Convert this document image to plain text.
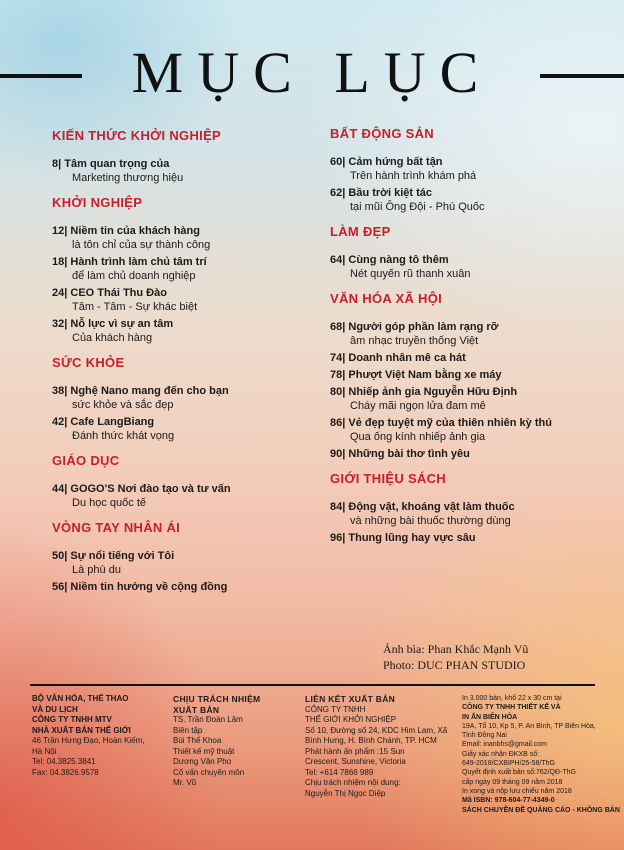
MỤC LỤC
KIẾN THỨC KHỞI NGHIỆP
8| Tâm quan trọng của
Marketing thương hiệu
KHỞI NGHIỆP
12| Niềm tin của khách hàng
là tôn chỉ của sự thành công
18| Hành trình làm chủ tâm trí
để làm chủ doanh nghiệp
24| CEO Thái Thu Đào
Tâm - Tâm - Sự khác biệt
32| Nỗ lực vì sự an tâm
Của khách hàng
SỨC KHỎE
38| Nghệ Nano mang đến cho bạn
sức khỏe và sắc đẹp
42| Cafe LangBiang
Đánh thức khát vọng
GIÁO DỤC
44| GOGO'S Nơi đào tạo và tư vấn
Du học quốc tế
VÒNG TAY NHÂN ÁI
50| Sự nổi tiếng với Tôi
Là phù du
56| Niềm tin hướng về cộng đồng
BẤT ĐỘNG SẢN
60| Cảm hứng bất tận
Trên hành trình khám phá
62| Bầu trời kiệt tác
tại mũi Ông Đội - Phú Quốc
LÀM ĐẸP
64| Cùng nàng tô thêm
Nét quyến rũ thanh xuân
VĂN HÓA XÃ HỘI
68| Người góp phần làm rạng rỡ
âm nhạc truyền thống Việt
74| Doanh nhân mê ca hát
78| Phượt Việt Nam bằng xe máy
80| Nhiếp ảnh gia Nguyễn Hữu Định
Cháy mãi ngọn lửa đam mê
86| Vẻ đẹp tuyệt mỹ của thiên nhiên kỳ thú
Qua ống kính nhiếp ảnh gia
90| Những bài thơ tình yêu
GIỚI THIỆU SÁCH
84| Động vật, khoáng vật làm thuốc
và những bài thuốc thường dùng
96| Thung lũng hay vực sâu
Ảnh bìa: Phan Khắc Mạnh Vũ
Photo: DUC PHAN STUDIO
BỘ VĂN HÓA, THỂ THAO
VÀ DU LỊCH
CÔNG TY TNHH MTV
NHÀ XUẤT BẢN THẾ GIỚI
46 Trần Hưng Đạo, Hoàn Kiếm,
Hà Nội
Tel: 04.3825.3841
Fax: 04.3826.9578
CHỊU TRÁCH NHIỆM
XUẤT BẢN
TS. Trần Đoàn Lâm
Biên tập
Bùi Thế Khoa
Thiết kế mỹ thuật
Dương Văn Pho
Cố vấn chuyên môn
Mr. Vũ
LIÊN KẾT XUẤT BẢN
CÔNG TY TNHH
THẾ GIỚI KHỞI NGHIỆP
Số 10, Đường số 24, KDC Him Lam, Xã
Bình Hưng, H. Bình Chánh, TP. HCM
Phát hành ấn phẩm :15 Sun
Crescent, Sunshine, Victoria
Tel: +614 7866 989
Chịu trách nhiệm nội dung:
Nguyễn Thị Ngọc Diệp
In 3.000 bản, khổ 22 x 30 cm tại
CÔNG TY TNHH THIẾT KẾ VÀ
IN ẤN BIÊN HÒA
19A, Tổ 10, Kp 5, P. An Bình, TP Biên Hòa,
Tỉnh Đồng Nai
Email: inanbhs@gmail.com
Giấy xác nhận ĐKXB số:
649-2018/CXBIPH/25-58/ThG
Quyết định xuất bản số:762/QĐ-ThG
cấp ngày 09 tháng 09 năm 2018
In xong và nộp lưu chiểu năm 2018
Mã ISBN: 978-604-77-4349-0
SÁCH CHUYÊN ĐỀ QUẢNG CÁO - KHÔNG BÁN
